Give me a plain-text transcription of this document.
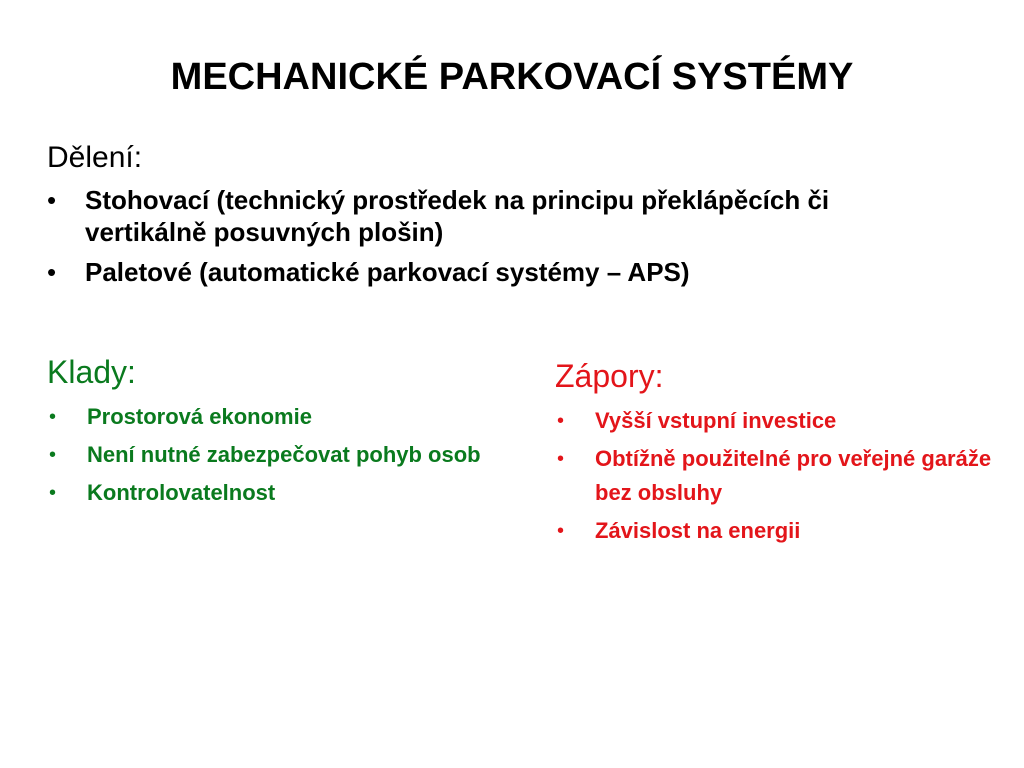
MECHANICKÉ PARKOVACÍ SYSTÉMY
Dělení:
• Stohovací (technický prostředek na principu překlápěcích či vertikálně posuvných plošin)
• Paletové (automatické parkovací systémy – APS)
Klady:
• Prostorová ekonomie
• Není nutné zabezpečovat pohyb osob
• Kontrolovatelnost
Zápory:
• Vyšší vstupní investice
• Obtížně použitelné pro veřejné garáže bez obsluhy
• Závislost na energii
